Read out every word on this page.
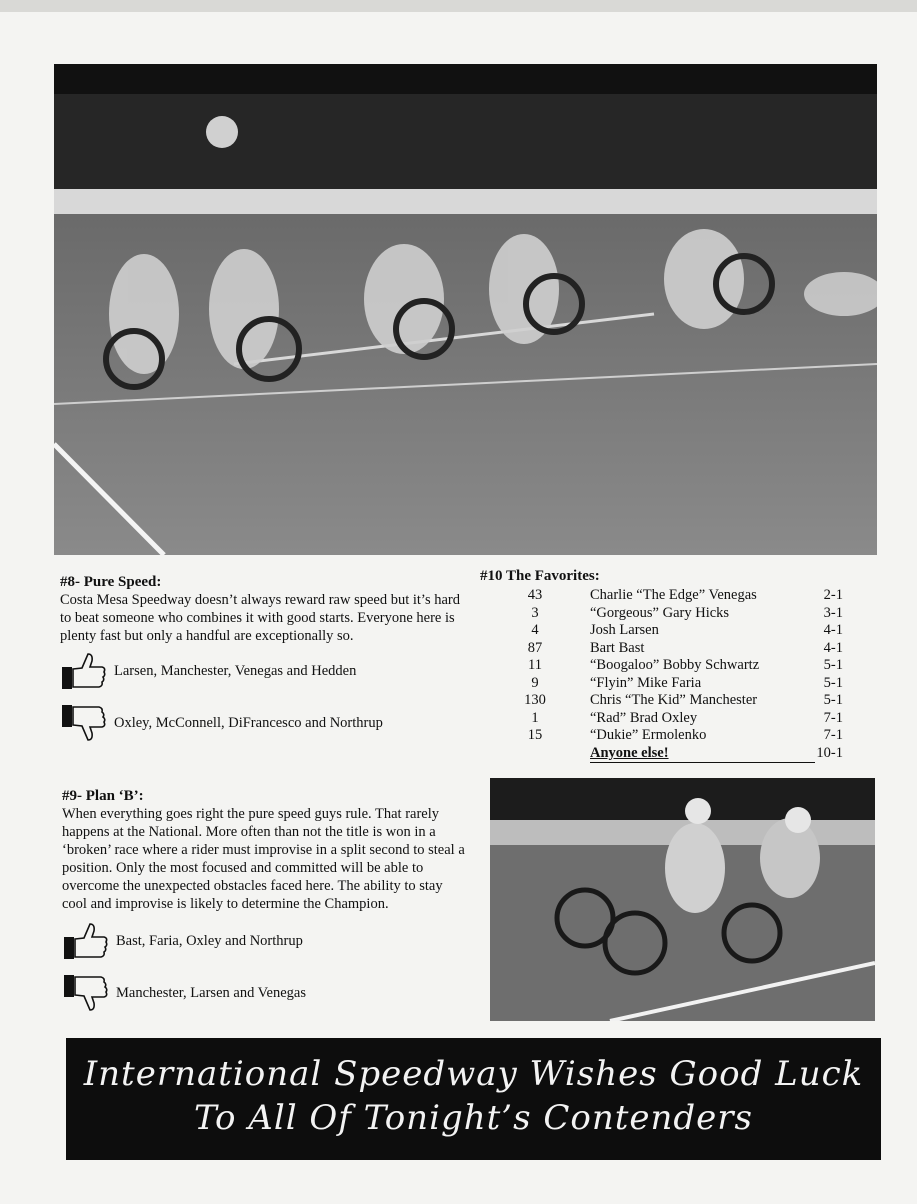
#8- Pure Speed:
Costa Mesa Speedway doesn’t always reward raw speed but it’s hard to beat someone who combines it with good starts. Everyone here is plenty fast but only a handful are exceptionally so.
Larsen, Manchester, Venegas and Hedden
Oxley, McConnell, DiFrancesco and Northrup
#10 The Favorites:
43	Charlie “The Edge” Venegas	2-1
3	“Gorgeous” Gary Hicks	3-1
4	Josh Larsen	4-1
87	Bart Bast	4-1
11	“Boogaloo” Bobby Schwartz	5-1
9	“Flyin” Mike Faria	5-1
130	Chris “The Kid” Manchester	5-1
1	“Rad” Brad Oxley	7-1
15	“Dukie” Ermolenko	7-1
	Anyone else!	10-1
#9- Plan ‘B’:
When everything goes right the pure speed guys rule. That rarely happens at the National. More often than not the title is won in a ‘broken’ race where a rider must improvise in a split second to steal a position. Only the most focused and committed will be able to overcome the unexpected obstacles faced here. The ability to stay cool and improvise is likely to determine the Champion.
Bast, Faria, Oxley and Northrup
Manchester, Larsen and Venegas
International Speedway Wishes Good Luck
To All Of Tonight’s Contenders
